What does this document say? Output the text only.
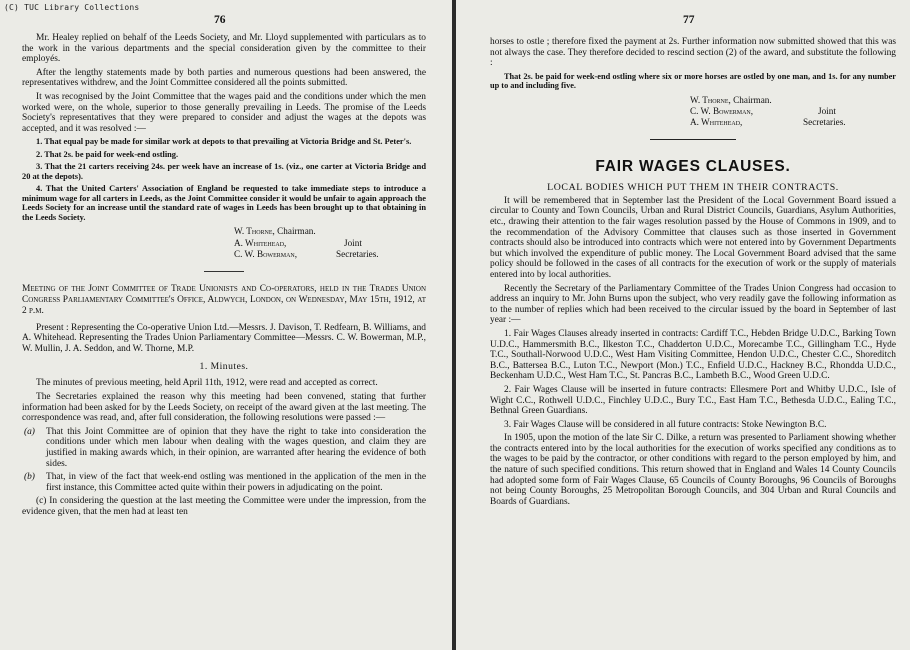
(C) TUC Library Collections
76

Mr. Healey replied on behalf of the Leeds Society, and Mr. Lloyd supplemented with particulars as to the work in the various departments and the special consideration given by the committee to their employés.

After the lengthy statements made by both parties and numerous questions had been answered, the representatives withdrew, and the Joint Committee considered all the points submitted.

It was recognised by the Joint Committee that the wages paid and the conditions under which the men worked were, on the whole, superior to those generally prevailing in Leeds. The promise of the Leeds Society's representatives that they were prepared to consider and adjust the wages at the depots was accepted, and it was resolved :—

1. That equal pay be made for similar work at depots to that prevailing at Victoria Bridge and St. Peter's.

2. That 2s. be paid for week-end ostling.

3. That the 21 carters receiving 24s. per week have an increase of 1s. (viz., one carter at Victoria Bridge and 20 at the depots).

4. That the United Carters' Association of England be requested to take immediate steps to introduce a minimum wage for all carters in Leeds, as the Joint Committee consider it would be unfair to again approach the Leeds Society for an increase until the standard rate of wages in Leeds has been brought up to that obtaining in the Leeds Society.

W. Thorne,
Chairman.
A. Whitehead,	Joint
C. W. Bowerman,	Secretaries.
Meeting of the Joint Committee of Trade Unionists and Co-operators, held in the Trades Union Congress Parliamentary Committee's Office, Aldwych, London, on Wednesday, May 15th, 1912, at 2 p.m.

Present : Representing the Co-operative Union Ltd.—Messrs. J. Davison, T. Redfearn, B. Williams, and A. Whitehead. Representing the Trades Union Parliamentary Committee—Messrs. C. W. Bowerman, M.P., W. Mullin, J. A. Seddon, and W. Thorne, M.P.

1. Minutes.

The minutes of previous meeting, held April 11th, 1912, were read and accepted as correct.

The Secretaries explained the reason why this meeting had been convened, stating that further information had been asked for by the Leeds Society, on receipt of the award given at the last meeting. The correspondence was read, and, after full consideration, the following resolutions were passed :—

(a)	That this Joint Committee are of opinion that they have the right to take into consideration the conditions under which men labour when dealing with the wages question, and claim they are justified in making awards which, in their opinion, are warranted after hearing the evidence of both sides.
(b)	That, in view of the fact that week-end ostling was mentioned in the application of the men in the first instance, this Committee acted quite within their powers in adjudicating on the point.

(c) In considering the question at the last meeting the Committee were under the impression, from the evidence given, that the men had at least ten

77

horses to ostle ; therefore fixed the payment at 2s. Further information now submitted showed that this was not always the case. They therefore decided to rescind section (2) of the award, and substitute the following :

That 2s. be paid for week-end ostling where six or more horses are ostled by one man, and 1s. for any number up to and including five.

W. Thorne,
Chairman.
C. W. Bowerman,	Joint
A. Whitehead,	Secretaries.
FAIR WAGES CLAUSES.
LOCAL BODIES WHICH PUT THEM IN THEIR CONTRACTS.

It will be remembered that in September last the President of the Local Government Board issued a circular to County and Town Councils, Urban and Rural District Councils, Guardians, Asylum Authorities, etc., drawing their attention to the fair wages resolution passed by the House of Commons in 1909, and to the recommendation of the Advisory Committee that clauses such as those inserted in Government contracts should also be introduced into contracts which were not entered into by Government Departments but which involved the expenditure of public money. The Local Government Board advised that the same policy should be followed in the cases of all contracts for the execution of work or the supply of materials entered into by local authorities.

Recently the Secretary of the Parliamentary Committee of the Trades Union Congress had occasion to address an inquiry to Mr. John Burns upon the subject, who very readily gave the following information as to the number of replies which had been received to the circular issued by the board in September of last year :—

1. Fair Wages Clauses already inserted in contracts: Cardiff T.C., Hebden Bridge U.D.C., Barking Town U.D.C., Hammersmith B.C., Ilkeston T.C., Chadderton U.D.C., Morecambe T.C., Gillingham T.C., Hyde T.C., Southall-Norwood U.D.C., West Ham Visiting Committee, Hendon U.D.C., Chester C.C., Shoreditch B.C., Battersea B.C., Luton T.C., Newport (Mon.) T.C., Enfield U.D.C., Hackney B.C., Rhondda U.D.C., Beckenham U.D.C., West Ham T.C., St. Pancras B.C., Lambeth B.C., Wood Green U.D.C.

2. Fair Wages Clause will be inserted in future contracts: Ellesmere Port and Whitby U.D.C., Isle of Wight C.C., Rothwell U.D.C., Finchley U.D.C., Bury T.C., East Ham T.C., Bethesda U.D.C., Ealing T.C., Bethnal Green Guardians.

3. Fair Wages Clause will be considered in all future contracts: Stoke Newington B.C.

In 1905, upon the motion of the late Sir C. Dilke, a return was presented to Parliament showing whether the contracts entered into by the local authorities for the execution of works specified any conditions as to the wages to be paid by the contractor, or other conditions with regard to the person employed by him, and the nature of such specified conditions. This return showed that in England and Wales 14 County Councils had adopted some form of Fair Wages Clause, 65 Councils of County Boroughs, 96 Councils of Boroughs not being County Boroughs, 25 Metropolitan Borough Councils, and 304 Urban and Rural Councils and Boards of Guardians.
